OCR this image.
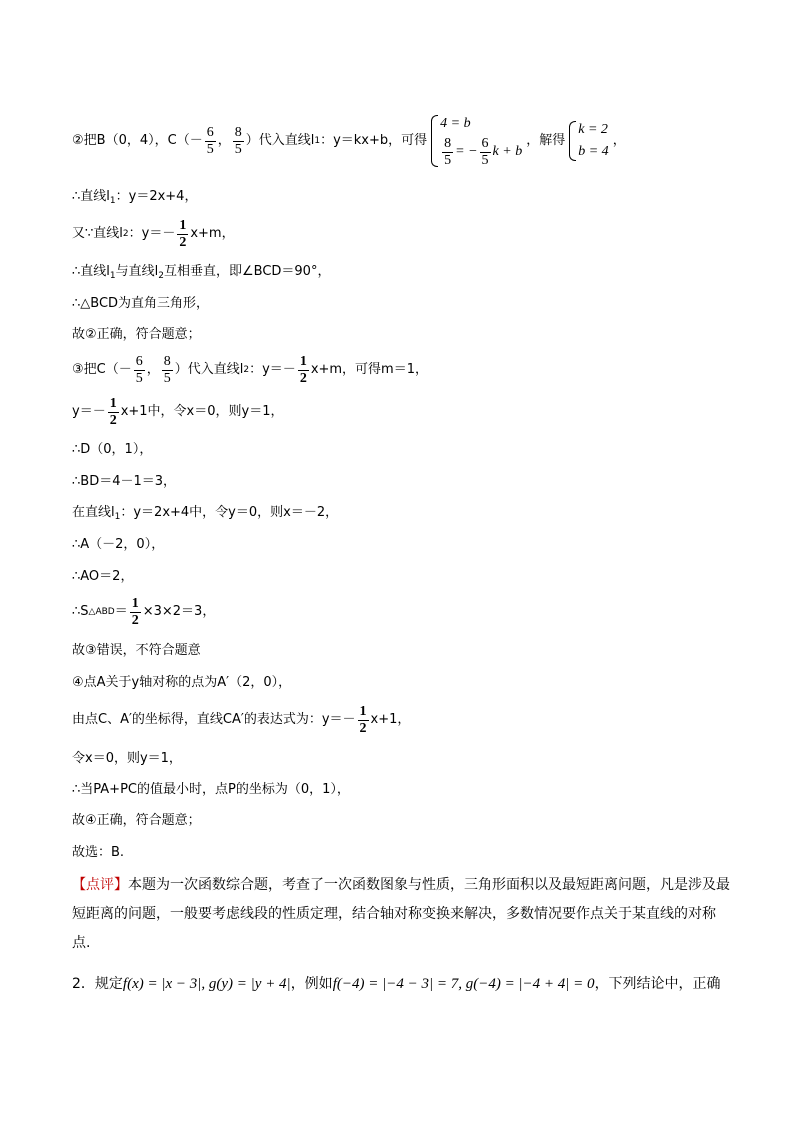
②把B（0，4），$C(- \frac{6}{5}$ ， $\frac{8}{5}$ ）代入直线l 1 ：y＝kx+b，可得
4 = b
$\frac{8}{5}$ = − $\frac{6}{5}$ k + b
，解得
k = 2
b = 4
，
∴直线$l_1$：y＝2x+4，
又∵直线l 2 ：$y=- \frac{1}{2} x+m$，
∴直线$l_1$与直线$l_2$互相垂直，即∠BCD＝90°，
∴△BCD为直角三角形，
故②正确，符合题意；
③把$C(- \frac{6}{5}$ ， $\frac{8}{5}$ ）代入直线l 2 ：$y=- \frac{1}{2} x+m$，可得m＝1，
$y=- \frac{1}{2} x+1$中，令x＝0，则y＝1，
∴D（0，1），
∴BD＝4－1＝3，
在直线$l_1$：y＝2x+4中，令y＝0，则x＝－2，
∴A（－2，0），
∴AO＝2，
∴S △ABD ＝ $\frac{1}{2} \times 3\times 2=3$，
故③错误，不符合题意
④点A关于y轴对称的点为A′（2，0），
由点C、A′的坐标得，直线CA′的表达式为：$y=- \frac{1}{2} x+1$，
令x＝0，则y＝1，
∴当PA+PC的值最小时，点P的坐标为（0，1），
故④正确，符合题意；
故选：B.
【点评】本题为一次函数综合题，考查了一次函数图象与性质，三角形面积以及最短距离问题，凡是涉及最短距离的问题，一般要考虑线段的性质定理，结合轴对称变换来解决，多数情况要作点关于某直线的对称点.
2．规定f(x) = |x − 3|, g(y) = |y + 4|，例如f(−4) = |−4 − 3| = 7, g(−4) = |−4 + 4| = 0，下列结论中，正确
